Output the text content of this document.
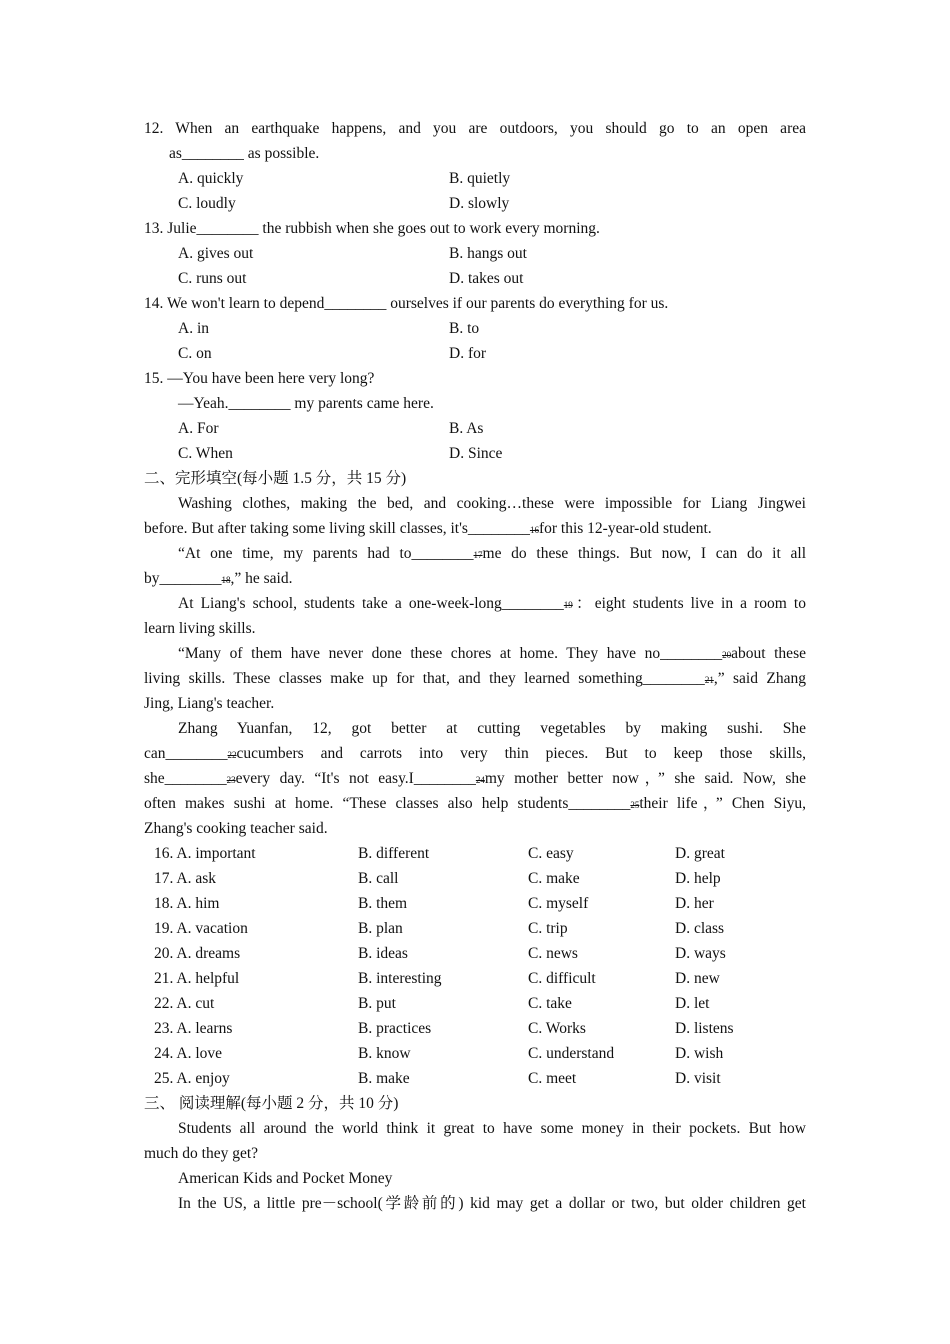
12. When an earthquake happens, and you are outdoors, you should go to an open area
as________ as possible.
A. quickly	B. quietly
C. loudly	D. slowly
13. Julie________ the rubbish when she goes out to work every morning.
A. gives out	B. hangs out
C. runs out	D. takes out
14. We won't learn to depend________ ourselves if our parents do everything for us.
A. in	B. to
C. on	D. for
15. —You have been here very long?
—Yeah.________ my parents came here.
A. For	B. As
C. When	D. Since
二、完形填空(每小题 1.5 分，共 15 分)
Washing clothes, making the bed, and cooking…these were impossible for Liang Jingwei
before. But after taking some living skill classes, it's________16for this 12-year-old student.
“At one time, my parents had to________17me do these things. But now, I can do it all
by________18,” he said.
At Liang's school, students take a one-week-long________19：eight students live in a room to
learn living skills.
“Many of them have never done these chores at home. They have no________20about these
living skills. These classes make up for that, and they learned something________21,” said Zhang
Jing, Liang's teacher.
Zhang Yuanfan, 12, got better at cutting vegetables by making sushi. She
can________22cucumbers and carrots into very thin pieces. But to keep those skills,
she________23every day. “It's not easy.I________24my mother better now，” she said. Now, she
often makes sushi at home. “These classes also help students________25their life，” Chen Siyu,
Zhang's cooking teacher said.
16. A. important	B. different	C. easy	D. great
17. A. ask	B. call	C. make	D. help
18. A. him	B. them	C. myself	D. her
19. A. vacation	B. plan	C. trip	D. class
20. A. dreams	B. ideas	C. news	D. ways
21. A. helpful	B. interesting	C. difficult	D. new
22. A. cut	B. put	C. take	D. let
23. A. learns	B. practices	C. Works	D. listens
24. A. love	B. know	C. understand	D. wish
25. A. enjoy	B. make	C. meet	D. visit
三、 阅读理解(每小题 2 分，共 10 分)
Students all around the world think it great to have some money in their pockets. But how
much do they get?
American Kids and Pocket Money
In the US, a little pre－school(学龄前的) kid may get a dollar or two, but older children get
